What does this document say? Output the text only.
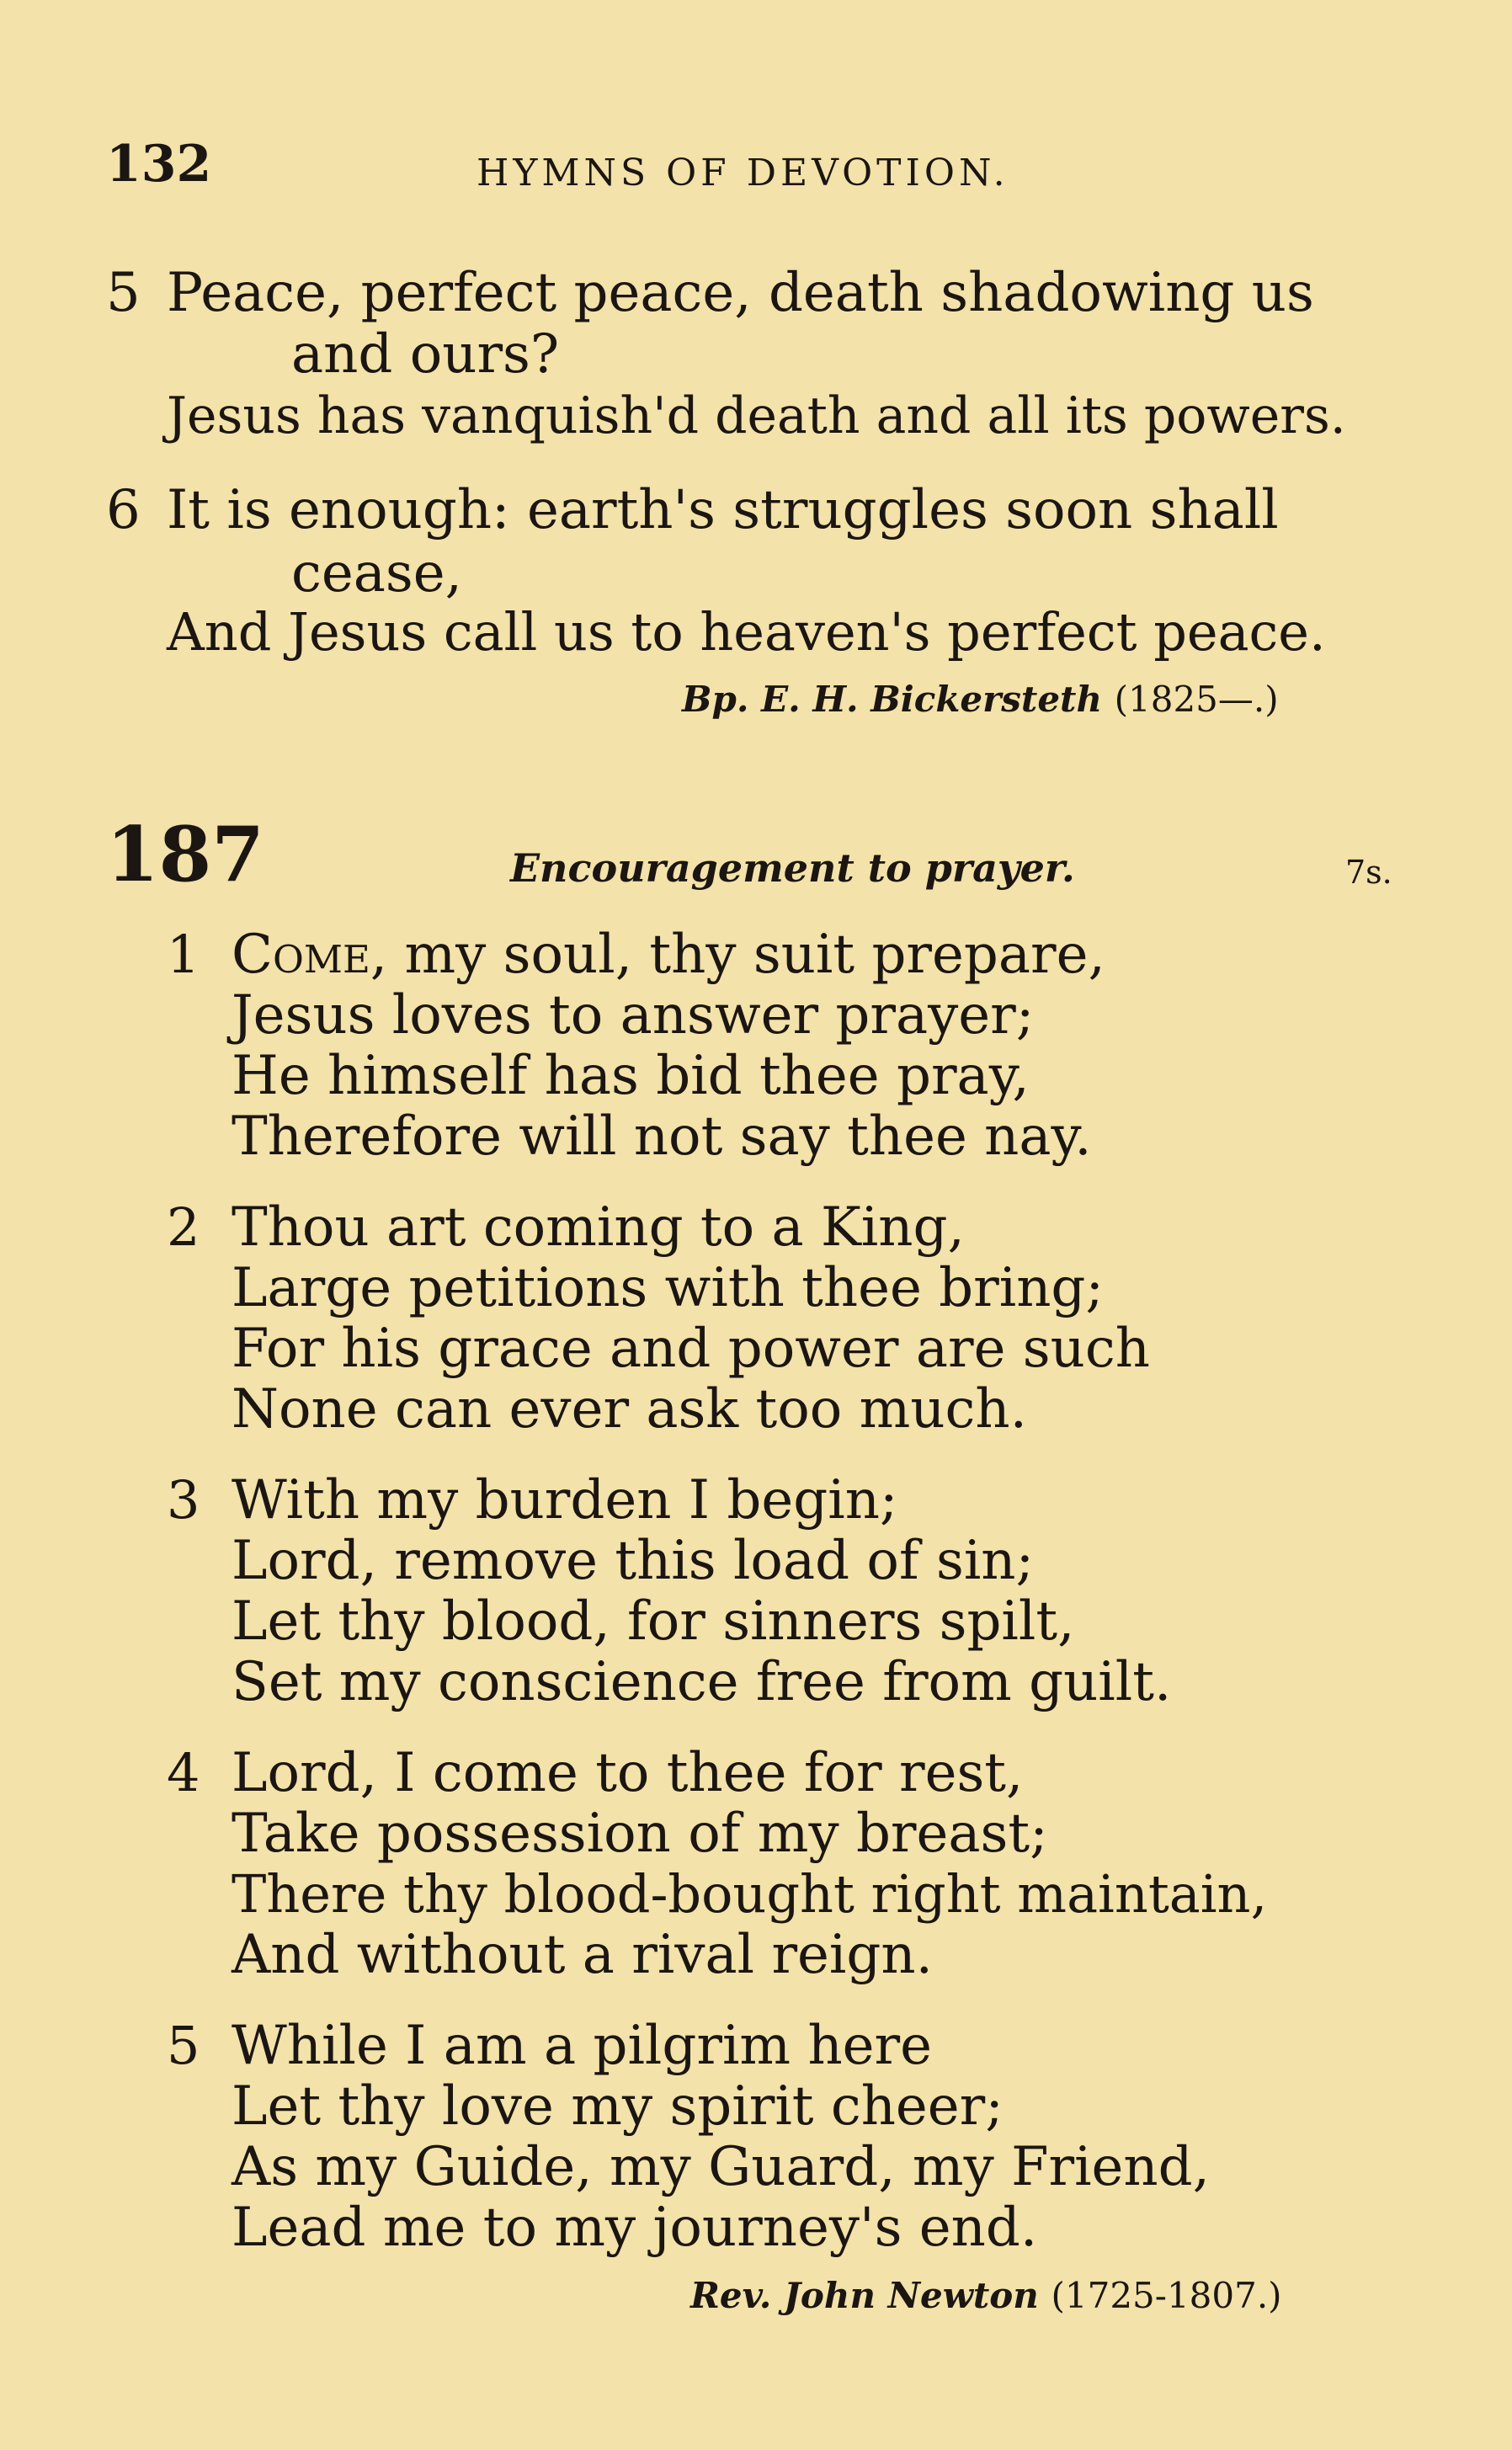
132	HYMNS OF DEVOTION.
5 Peace, perfect peace, death shadowing us
and ours?
Jesus has vanquish'd death and all its powers.
6 It is enough: earth's struggles soon shall
cease,
And Jesus call us to heaven's perfect peace.
Bp. E. H. Bickersteth (1825—.)
187	Encouragement to prayer.	7s.
1 Come, my soul, thy suit prepare,
Jesus loves to answer prayer;
He himself has bid thee pray,
Therefore will not say thee nay.
2 Thou art coming to a King,
Large petitions with thee bring;
For his grace and power are such
None can ever ask too much.
3 With my burden I begin;
Lord, remove this load of sin;
Let thy blood, for sinners spilt,
Set my conscience free from guilt.
4 Lord, I come to thee for rest,
Take possession of my breast;
There thy blood-bought right maintain,
And without a rival reign.
5 While I am a pilgrim here
Let thy love my spirit cheer;
As my Guide, my Guard, my Friend,
Lead me to my journey's end.
Rev. John Newton (1725-1807.)
